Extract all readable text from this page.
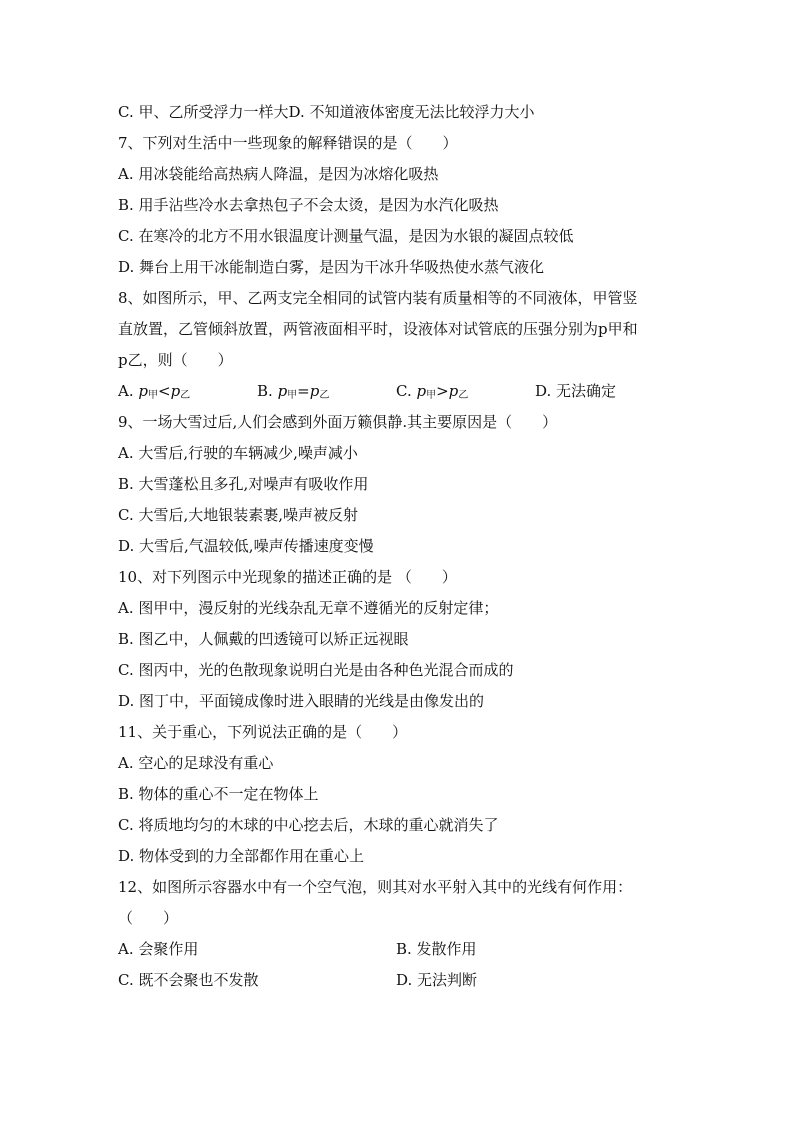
C. 甲、乙所受浮力一样大D. 不知道液体密度无法比较浮力大小
7、下列对生活中一些现象的解释错误的是（　　）
A. 用冰袋能给高热病人降温，是因为冰熔化吸热
B. 用手沾些冷水去拿热包子不会太烫，是因为水汽化吸热
C. 在寒冷的北方不用水银温度计测量气温，是因为水银的凝固点较低
D. 舞台上用干冰能制造白雾，是因为干冰升华吸热使水蒸气液化
8、如图所示，甲、乙两支完全相同的试管内装有质量相等的不同液体，甲管竖
直放置，乙管倾斜放置，两管液面相平时，设液体对试管底的压强分别为p甲和
p乙，则（　　）
A. $p_甲<p_乙$	B. $p_甲=p_乙$	C. $p_甲>p_乙$	D. 无法确定
9、一场大雪过后,人们会感到外面万籁俱静.其主要原因是（　　）
A. 大雪后,行驶的车辆减少,噪声减小
B. 大雪蓬松且多孔,对噪声有吸收作用
C. 大雪后,大地银装素裹,噪声被反射
D. 大雪后,气温较低,噪声传播速度变慢
10、对下列图示中光现象的描述正确的是 （　　）
A. 图甲中，漫反射的光线杂乱无章不遵循光的反射定律；
B. 图乙中，人佩戴的凹透镜可以矫正远视眼
C. 图丙中，光的色散现象说明白光是由各种色光混合而成的
D. 图丁中，平面镜成像时进入眼睛的光线是由像发出的
11、关于重心，下列说法正确的是（　　）
A. 空心的足球没有重心
B. 物体的重心不一定在物体上
C. 将质地均匀的木球的中心挖去后，木球的重心就消失了
D. 物体受到的力全部都作用在重心上
12、如图所示容器水中有一个空气泡，则其对水平射入其中的光线有何作用：
（　　）
A. 会聚作用	B. 发散作用
C. 既不会聚也不发散	D. 无法判断
